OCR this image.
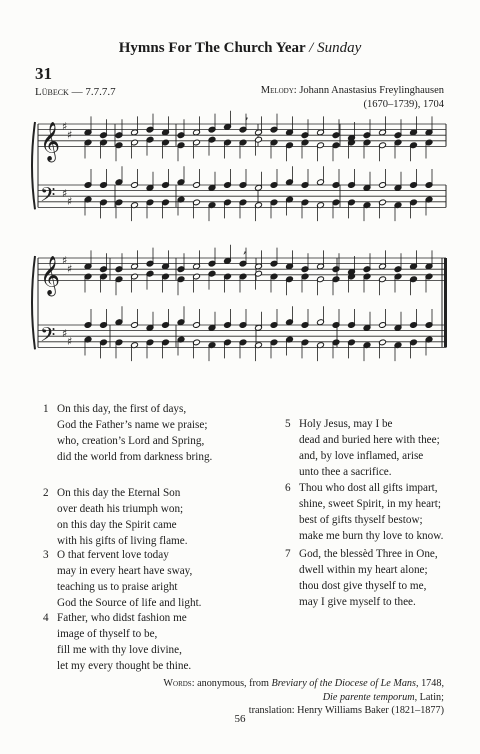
Hymns For The Church Year / Sunday
31
Lübeck — 7.7.7.7	Melody: Johann Anastasius Freylinghausen
(1670–1739), 1704
𝄞
𝄢
♯
♯
♯
♯
,
𝄞
𝄢
♯
♯
♯
♯
,
1 On this day, the first of days,
God the Father’s name we praise;
who, creation’s Lord and Spring,
did the world from darkness bring.
2 On this day the Eternal Son
over death his triumph won;
on this day the Spirit came
with his gifts of living flame.
3 O that fervent love today
may in every heart have sway,
teaching us to praise aright
God the Source of life and light.
4 Father, who didst fashion me
image of thyself to be,
fill me with thy love divine,
let my every thought be thine.
5 Holy Jesus, may I be
dead and buried here with thee;
and, by love inflamed, arise
unto thee a sacrifice.
6 Thou who dost all gifts impart,
shine, sweet Spirit, in my heart;
best of gifts thyself bestow;
make me burn thy love to know.
7 God, the blessèd Three in One,
dwell within my heart alone;
thou dost give thyself to me,
may I give myself to thee.
Words: anonymous, from Breviary of the Diocese of Le Mans, 1748,
Die parente temporum, Latin;
translation: Henry Williams Baker (1821–1877)
56
